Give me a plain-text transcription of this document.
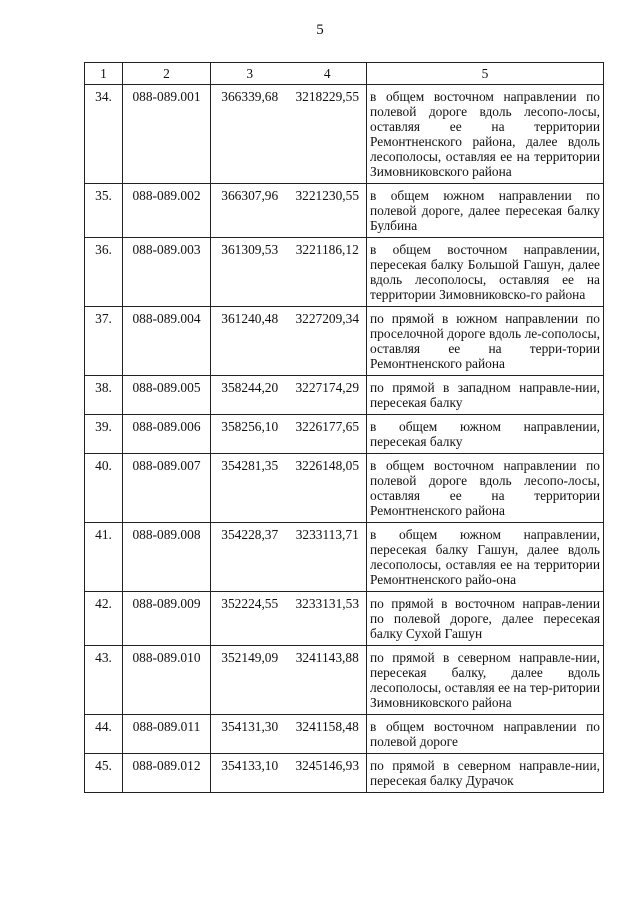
5
1	2	3	4	5
34.	088-089.001	366339,68	3218229,55	в общем восточном направлении по полевой дороге вдоль лесопо-лосы, оставляя ее на территории Ремонтненского района, далее вдоль лесополосы, оставляя ее на территории Зимовниковского района
35.	088-089.002	366307,96	3221230,55	в общем южном направлении по полевой дороге, далее пересекая балку Булбина
36.	088-089.003	361309,53	3221186,12	в общем восточном направлении, пересекая балку Большой Гашун, далее вдоль лесополосы, оставляя ее на территории Зимовниковско-го района
37.	088-089.004	361240,48	3227209,34	по прямой в южном направлении по проселочной дороге вдоль ле-сополосы, оставляя ее на терри-тории Ремонтненского района
38.	088-089.005	358244,20	3227174,29	по прямой в западном направле-нии, пересекая балку
39.	088-089.006	358256,10	3226177,65	в общем южном направлении, пересекая балку
40.	088-089.007	354281,35	3226148,05	в общем восточном направлении по полевой дороге вдоль лесопо-лосы, оставляя ее на территории Ремонтненского района
41.	088-089.008	354228,37	3233113,71	в общем южном направлении, пересекая балку Гашун, далее вдоль лесополосы, оставляя ее на территории Ремонтненского райо-она
42.	088-089.009	352224,55	3233131,53	по прямой в восточном направ-лении по полевой дороге, далее пересекая балку Сухой Гашун
43.	088-089.010	352149,09	3241143,88	по прямой в северном направле-нии, пересекая балку, далее вдоль лесополосы, оставляя ее на тер-ритории Зимовниковского района
44.	088-089.011	354131,30	3241158,48	в общем восточном направлении по полевой дороге
45.	088-089.012	354133,10	3245146,93	по прямой в северном направле-нии, пересекая балку Дурачок
